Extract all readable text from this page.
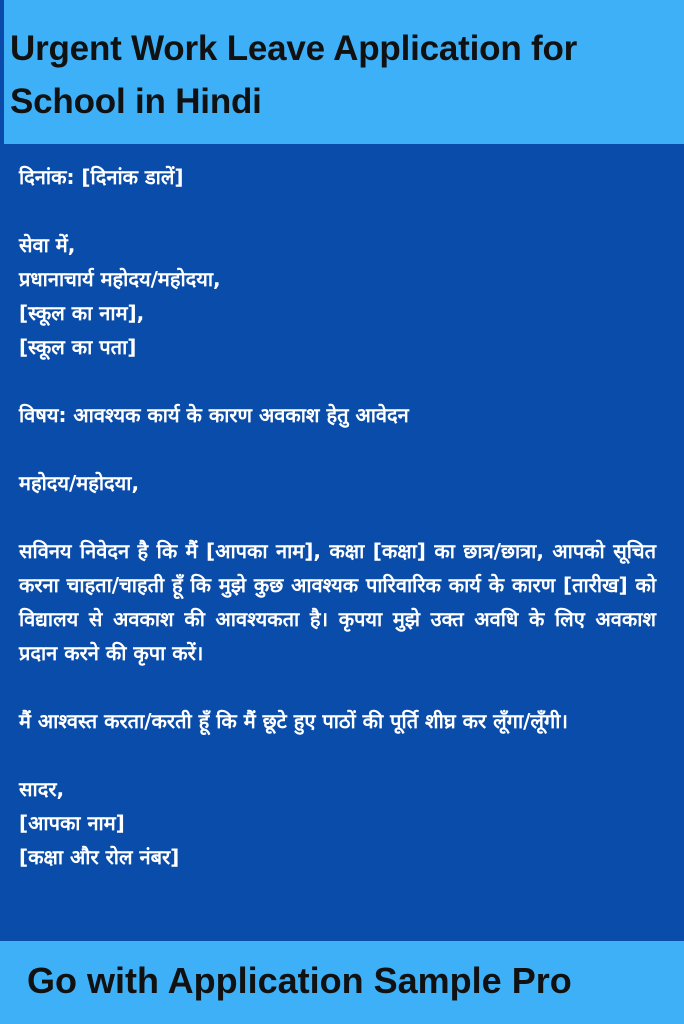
Urgent Work Leave Application for School in Hindi

दिनांक: [दिनांक डालें]

सेवा में,

प्रधानाचार्य महोदय/महोदया,

[स्कूल का नाम],

[स्कूल का पता]

विषय: आवश्यक कार्य के कारण अवकाश हेतु आवेदन

महोदय/महोदया,

सविनय निवेदन है कि मैं [आपका नाम], कक्षा [कक्षा] का छात्र/छात्रा, आपको सूचित करना चाहता/चाहती हूँ कि मुझे कुछ आवश्यक पारिवारिक कार्य के कारण [तारीख] को विद्यालय से अवकाश की आवश्यकता है। कृपया मुझे उक्त अवधि के लिए अवकाश प्रदान करने की कृपा करें।

मैं आश्वस्त करता/करती हूँ कि मैं छूटे हुए पाठों की पूर्ति शीघ्र कर लूँगा/लूँगी।

सादर,

[आपका नाम]

[कक्षा और रोल नंबर]

Go with Application Sample Pro
